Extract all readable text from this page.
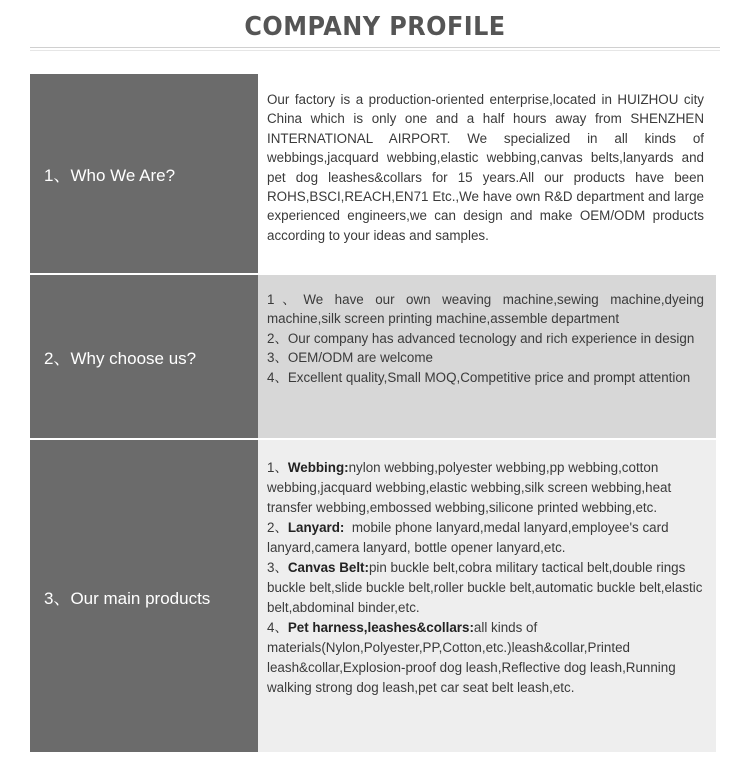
COMPANY PROFILE
1、Who We Are?
Our factory is a production-oriented enterprise,located in HUIZHOU city China which is only one and a half hours away from SHENZHEN INTERNATIONAL AIRPORT. We specialized in all kinds of webbings,jacquard webbing,elastic webbing,canvas belts,lanyards and pet dog leashes&collars for 15 years.All our products have been ROHS,BSCI,REACH,EN71 Etc.,We have own R&D department and large experienced engineers,we can design and make OEM/ODM products according to your ideas and samples.
2、Why choose us?
1、We have our own weaving machine,sewing machine,dyeing machine,silk screen printing machine,assemble department
2、Our company has advanced tecnology and rich experience in design
3、OEM/ODM are welcome
4、Excellent quality,Small MOQ,Competitive price and prompt attention
3、Our main products
1、Webbing:nylon webbing,polyester webbing,pp webbing,cotton webbing,jacquard webbing,elastic webbing,silk screen webbing,heat transfer webbing,embossed webbing,silicone printed webbing,etc.
2、Lanyard:  mobile phone lanyard,medal lanyard,employee's card lanyard,camera lanyard, bottle opener lanyard,etc.
3、Canvas Belt:pin buckle belt,cobra military tactical belt,double rings buckle belt,slide buckle belt,roller buckle belt,automatic buckle belt,elastic belt,abdominal binder,etc.
4、Pet harness,leashes&collars:all kinds of materials(Nylon,Polyester,PP,Cotton,etc.)leash&collar,Printed leash&collar,Explosion-proof dog leash,Reflective dog leash,Running walking strong dog leash,pet car seat belt leash,etc.
